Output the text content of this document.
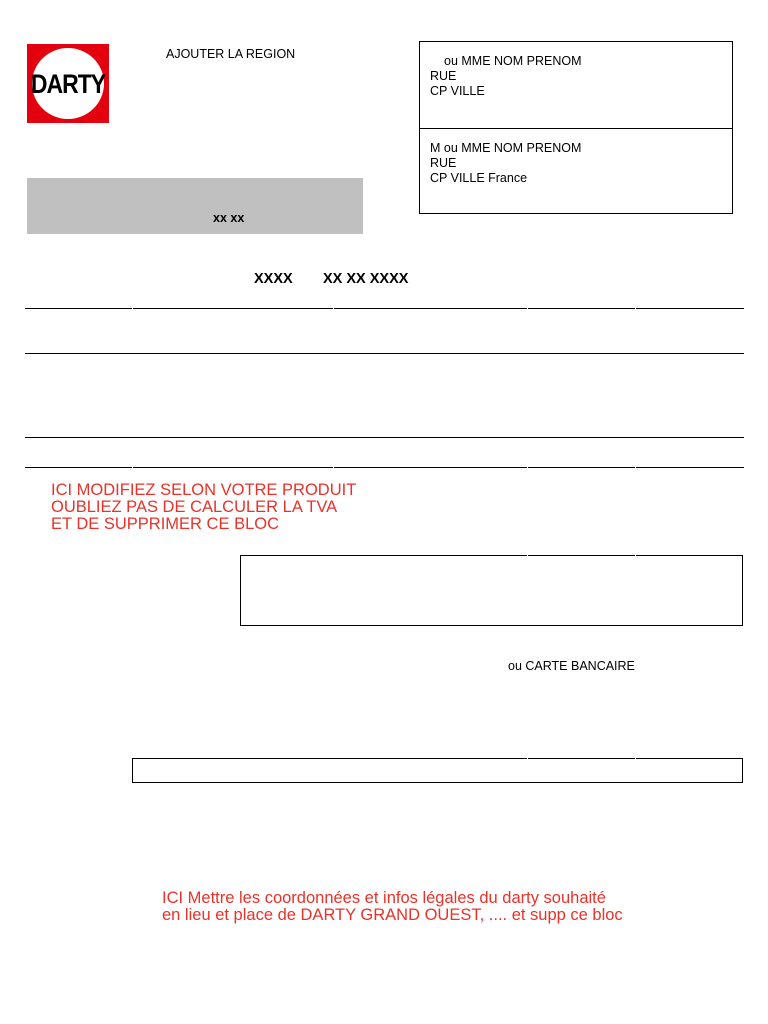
DARTY
AJOUTER LA REGION	ou MME NOM PRENOM
RUE
CP VILLE
M ou MME NOM PRENOM
RUE
CP VILLE France
xx xx
XXXX XX XX XXXX
ICI MODIFIEZ SELON VOTRE PRODUIT
OUBLIEZ PAS DE CALCULER LA TVA
ET DE SUPPRIMER CE BLOC
ou CARTE BANCAIRE
ICI Mettre les coordonnées et infos légales du darty souhaité
en lieu et place de DARTY GRAND OUEST, .... et supp ce bloc
